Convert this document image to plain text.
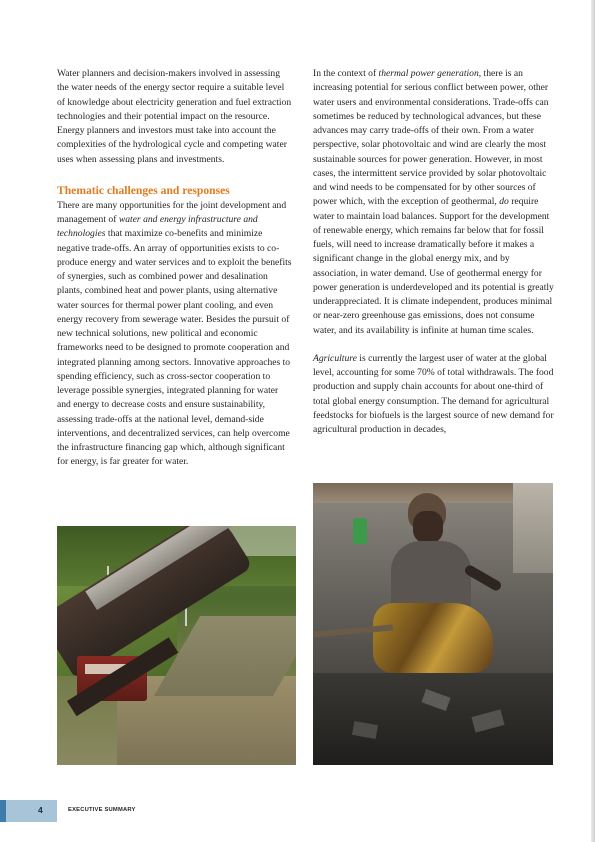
Water planners and decision-makers involved in assessing the water needs of the energy sector require a suitable level of knowledge about electricity generation and fuel extraction technologies and their potential impact on the resource. Energy planners and investors must take into account the complexities of the hydrological cycle and competing water uses when assessing plans and investments.

Thematic challenges and responses

There are many opportunities for the joint development and management of water and energy infrastructure and technologies that maximize co-benefits and minimize negative trade-offs. An array of opportunities exists to co-produce energy and water services and to exploit the benefits of synergies, such as combined power and desalination plants, combined heat and power plants, using alternative water sources for thermal power plant cooling, and even energy recovery from sewerage water. Besides the pursuit of new technical solutions, new political and economic frameworks need to be designed to promote cooperation and integrated planning among sectors. Innovative approaches to spending efficiency, such as cross-sector cooperation to leverage possible synergies, integrated planning for water and energy to decrease costs and ensure sustainability, assessing trade-offs at the national level, demand-side interventions, and decentralized services, can help overcome the infrastructure financing gap which, although significant for energy, is far greater for water.

In the context of thermal power generation, there is an increasing potential for serious conflict between power, other water users and environmental considerations. Trade-offs can sometimes be reduced by technological advances, but these advances may carry trade-offs of their own. From a water perspective, solar photovoltaic and wind are clearly the most sustainable sources for power generation. However, in most cases, the intermittent service provided by solar photovoltaic and wind needs to be compensated for by other sources of power which, with the exception of geothermal, do require water to maintain load balances. Support for the development of renewable energy, which remains far below that for fossil fuels, will need to increase dramatically before it makes a significant change in the global energy mix, and by association, in water demand. Use of geothermal energy for power generation is underdeveloped and its potential is greatly underappreciated. It is climate independent, produces minimal or near-zero greenhouse gas emissions, does not consume water, and its availability is infinite at human time scales.

Agriculture is currently the largest user of water at the global level, accounting for some 70% of total withdrawals. The food production and supply chain accounts for about one-third of total global energy consumption. The demand for agricultural feedstocks for biofuels is the largest source of new demand for agricultural production in decades,

4	EXECUTIVE SUMMARY
